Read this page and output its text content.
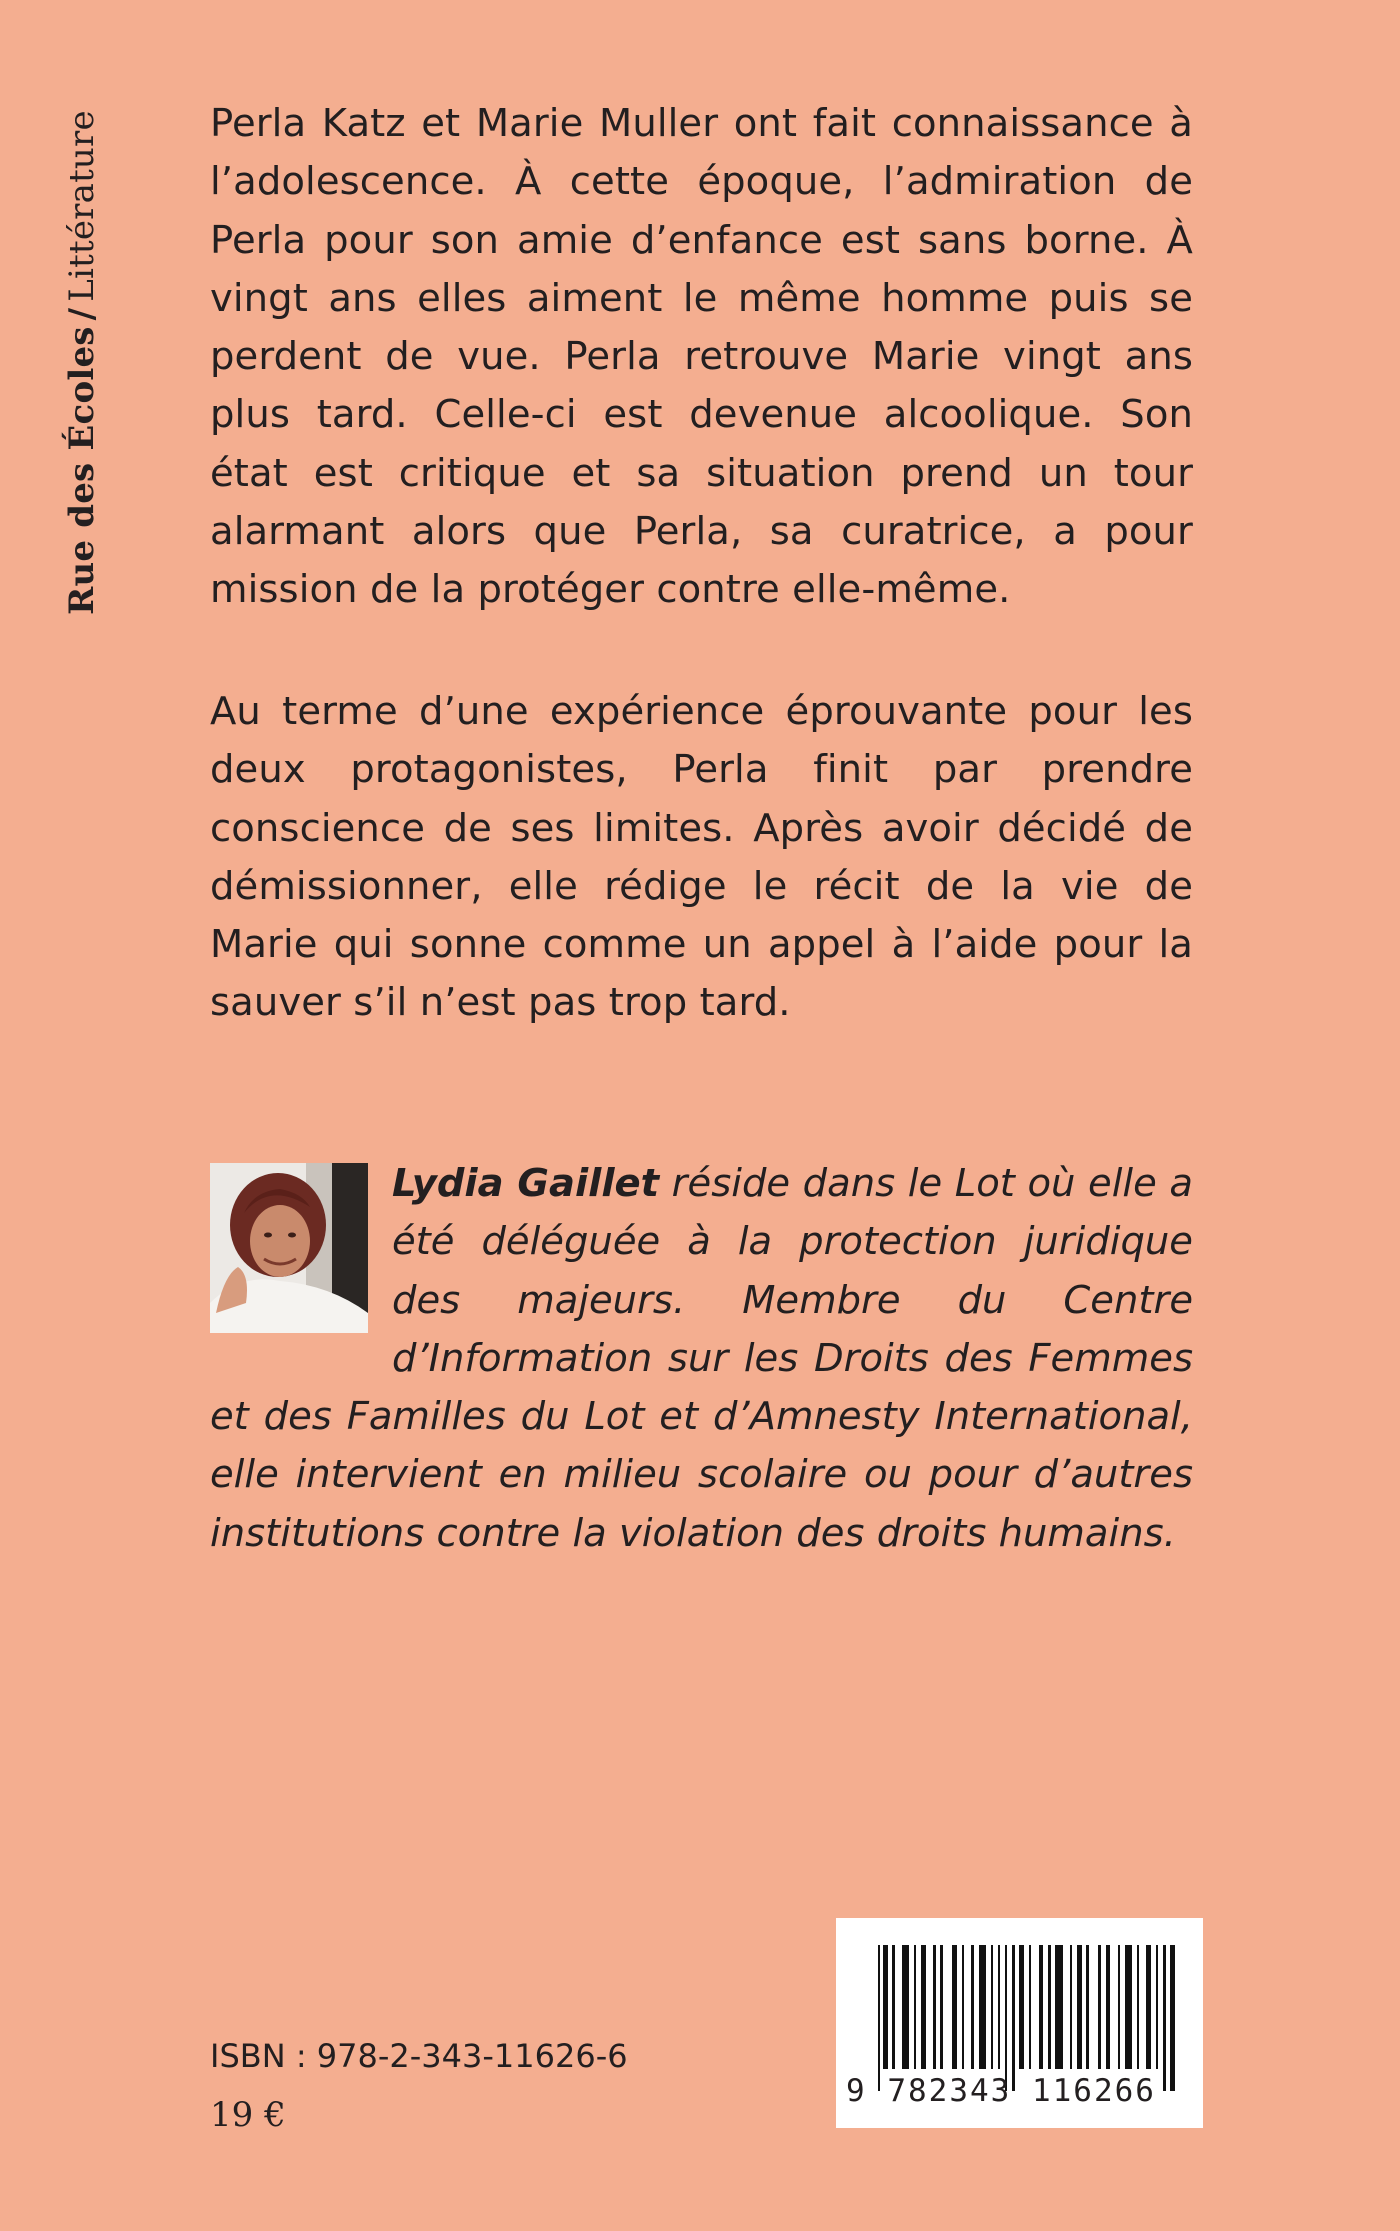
Rue des Écoles/Littérature	Perla Katz et Marie Muller ont fait connaissance à l’adolescence. À cette époque, l’admiration de Perla pour son amie d’enfance est sans borne. À vingt ans elles aiment le même homme puis se perdent de vue. Perla retrouve Marie vingt ans plus tard. Celle-ci est devenue alcoolique. Son état est critique et sa situation prend un tour alarmant alors que Perla, sa curatrice, a pour mission de la protéger contre elle-même.

Au terme d’une expérience éprouvante pour les deux protagonistes, Perla finit par prendre conscience de ses limites. Après avoir décidé de démissionner, elle rédige le récit de la vie de Marie qui sonne comme un appel à l’aide pour la sauver s’il n’est pas trop tard.

Lydia Gaillet réside dans le Lot où elle a été déléguée à la protection juridique des majeurs. Membre du Centre d’Information sur les Droits des Femmes et des Familles du Lot et d’Amnesty International, elle intervient en milieu scolaire ou pour d’autres institutions contre la violation des droits humains.
ISBN : 978-2-343-11626-6
19 €
9 782343 116266
